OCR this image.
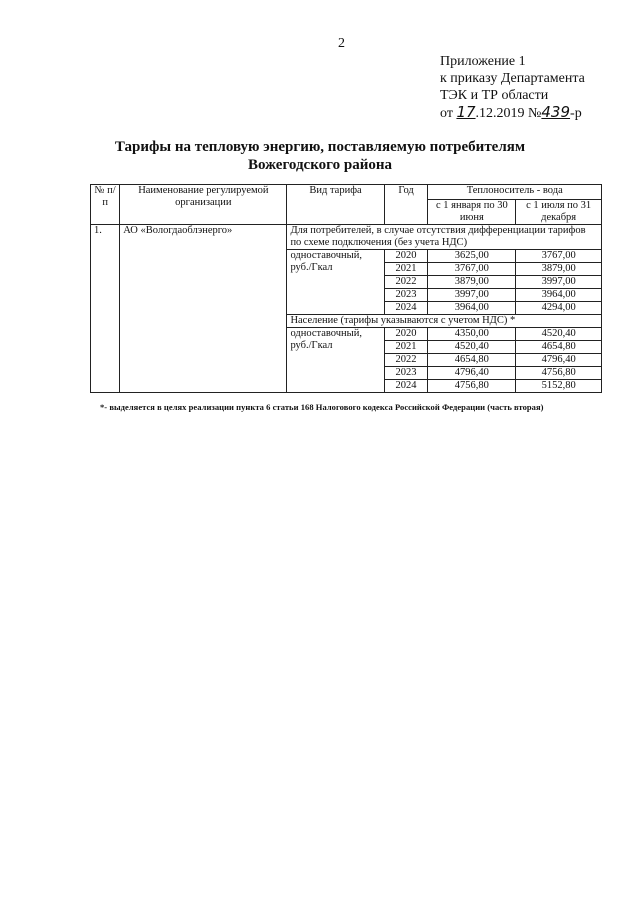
2
Приложение 1
к приказу Департамента
ТЭК и ТР области
от 17.12.2019 №439-р
Тарифы на тепловую энергию, поставляемую потребителям
Вожегодского района
№ п/п	Наименование регулируемой организации	Вид тарифа	Год	Теплоноситель - вода	
				с 1 января по 30 июня	с 1 июля по 31 декабря
1.	АО «Вологдаоблэнерго»	Для потребителей, в случае отсутствия дифференциации тарифов по схеме подключения (без учета НДС)			
		одноставочный, руб./Гкал	2020	3625,00	3767,00
			2021	3767,00	3879,00
			2022	3879,00	3997,00
			2023	3997,00	3964,00
			2024	3964,00	4294,00
		Население (тарифы указываются с учетом НДС) *			
		одноставочный, руб./Гкал	2020	4350,00	4520,40
			2021	4520,40	4654,80
			2022	4654,80	4796,40
			2023	4796,40	4756,80
			2024	4756,80	5152,80
*- выделяется в целях реализации пункта 6 статьи 168 Налогового кодекса Российской Федерации (часть вторая)
